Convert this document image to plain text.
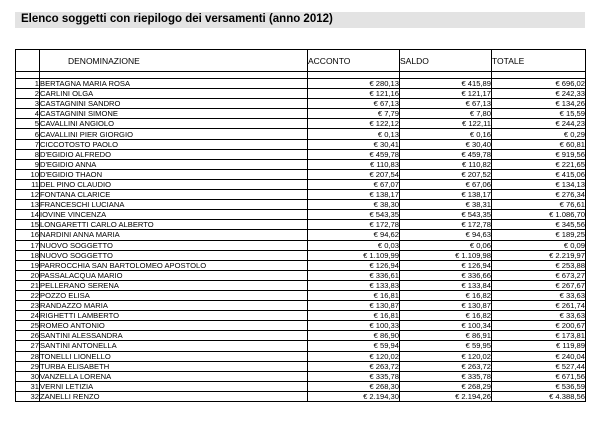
Elenco soggetti con riepilogo dei versamenti (anno 2012)
	DENOMINAZIONE	ACCONTO	SALDO	TOTALE

1	BERTAGNA MARIA ROSA	€ 280,13	€ 415,89	€ 696,02
2	CARLINI OLGA	€ 121,16	€ 121,17	€ 242,33
3	CASTAGNINI SANDRO	€ 67,13	€ 67,13	€ 134,26
4	CASTAGNINI SIMONE	€ 7,79	€ 7,80	€ 15,59
5	CAVALLINI ANGIOLO	€ 122,12	€ 122,11	€ 244,23
6	CAVALLINI PIER GIORGIO	€ 0,13	€ 0,16	€ 0,29
7	CICCOTOSTO PAOLO	€ 30,41	€ 30,40	€ 60,81
8	D'EGIDIO ALFREDO	€ 459,78	€ 459,78	€ 919,56
9	D'EGIDIO ANNA	€ 110,83	€ 110,82	€ 221,65
10	D'EGIDIO THAON	€ 207,54	€ 207,52	€ 415,06
11	DEL PINO CLAUDIO	€ 67,07	€ 67,06	€ 134,13
12	FONTANA CLARICE	€ 138,17	€ 138,17	€ 276,34
13	FRANCESCHI LUCIANA	€ 38,30	€ 38,31	€ 76,61
14	IOVINE VINCENZA	€ 543,35	€ 543,35	€ 1.086,70
15	LONGARETTI CARLO ALBERTO	€ 172,78	€ 172,78	€ 345,56
16	NARDINI ANNA MARIA	€ 94,62	€ 94,63	€ 189,25
17	NUOVO SOGGETTO	€ 0,03	€ 0,06	€ 0,09
18	NUOVO SOGGETTO	€ 1.109,99	€ 1.109,98	€ 2.219,97
19	PARROCCHIA SAN BARTOLOMEO APOSTOLO	€ 126,94	€ 126,94	€ 253,88
20	PASSALACQUA MARIO	€ 336,61	€ 336,66	€ 673,27
21	PELLERANO SERENA	€ 133,83	€ 133,84	€ 267,67
22	POZZO ELISA	€ 16,81	€ 16,82	€ 33,63
23	RANDAZZO MARIA	€ 130,87	€ 130,87	€ 261,74
24	RIGHETTI LAMBERTO	€ 16,81	€ 16,82	€ 33,63
25	ROMEO ANTONIO	€ 100,33	€ 100,34	€ 200,67
26	SANTINI ALESSANDRA	€ 86,90	€ 86,91	€ 173,81
27	SANTINI ANTONELLA	€ 59,94	€ 59,95	€ 119,89
28	TONELLI LIONELLO	€ 120,02	€ 120,02	€ 240,04
29	TURBA ELISABETH	€ 263,72	€ 263,72	€ 527,44
30	VANZELLA LORENA	€ 335,78	€ 335,78	€ 671,56
31	VERNI LETIZIA	€ 268,30	€ 268,29	€ 536,59
32	ZANELLI RENZO	€ 2.194,30	€ 2.194,26	€ 4.388,56
